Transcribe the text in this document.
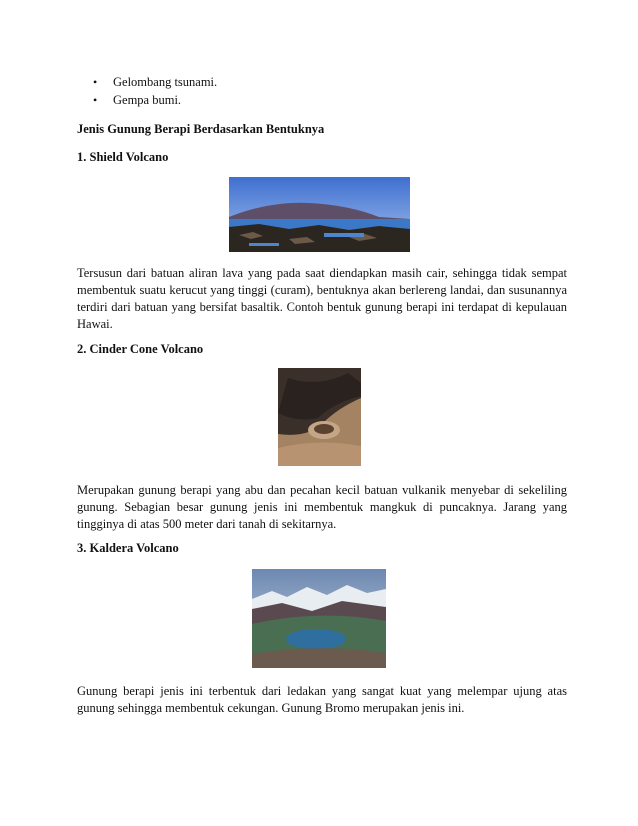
• Gelombang tsunami.
• Gempa bumi.
Jenis Gunung Berapi Berdasarkan Bentuknya
1. Shield Volcano
Tersusun dari batuan aliran lava yang pada saat diendapkan masih cair, sehingga tidak sempat membentuk suatu kerucut yang tinggi (curam), bentuknya akan berlereng landai, dan susunannya terdiri dari batuan yang bersifat basaltik. Contoh bentuk gunung berapi ini terdapat di kepulauan Hawai.
2. Cinder Cone Volcano
Merupakan gunung berapi yang abu dan pecahan kecil batuan vulkanik menyebar di sekeliling gunung. Sebagian besar gunung jenis ini membentuk mangkuk di puncaknya. Jarang yang tingginya di atas 500 meter dari tanah di sekitarnya.
3. Kaldera Volcano
Gunung berapi jenis ini terbentuk dari ledakan yang sangat kuat yang melempar ujung atas gunung sehingga membentuk cekungan. Gunung Bromo merupakan jenis ini.
